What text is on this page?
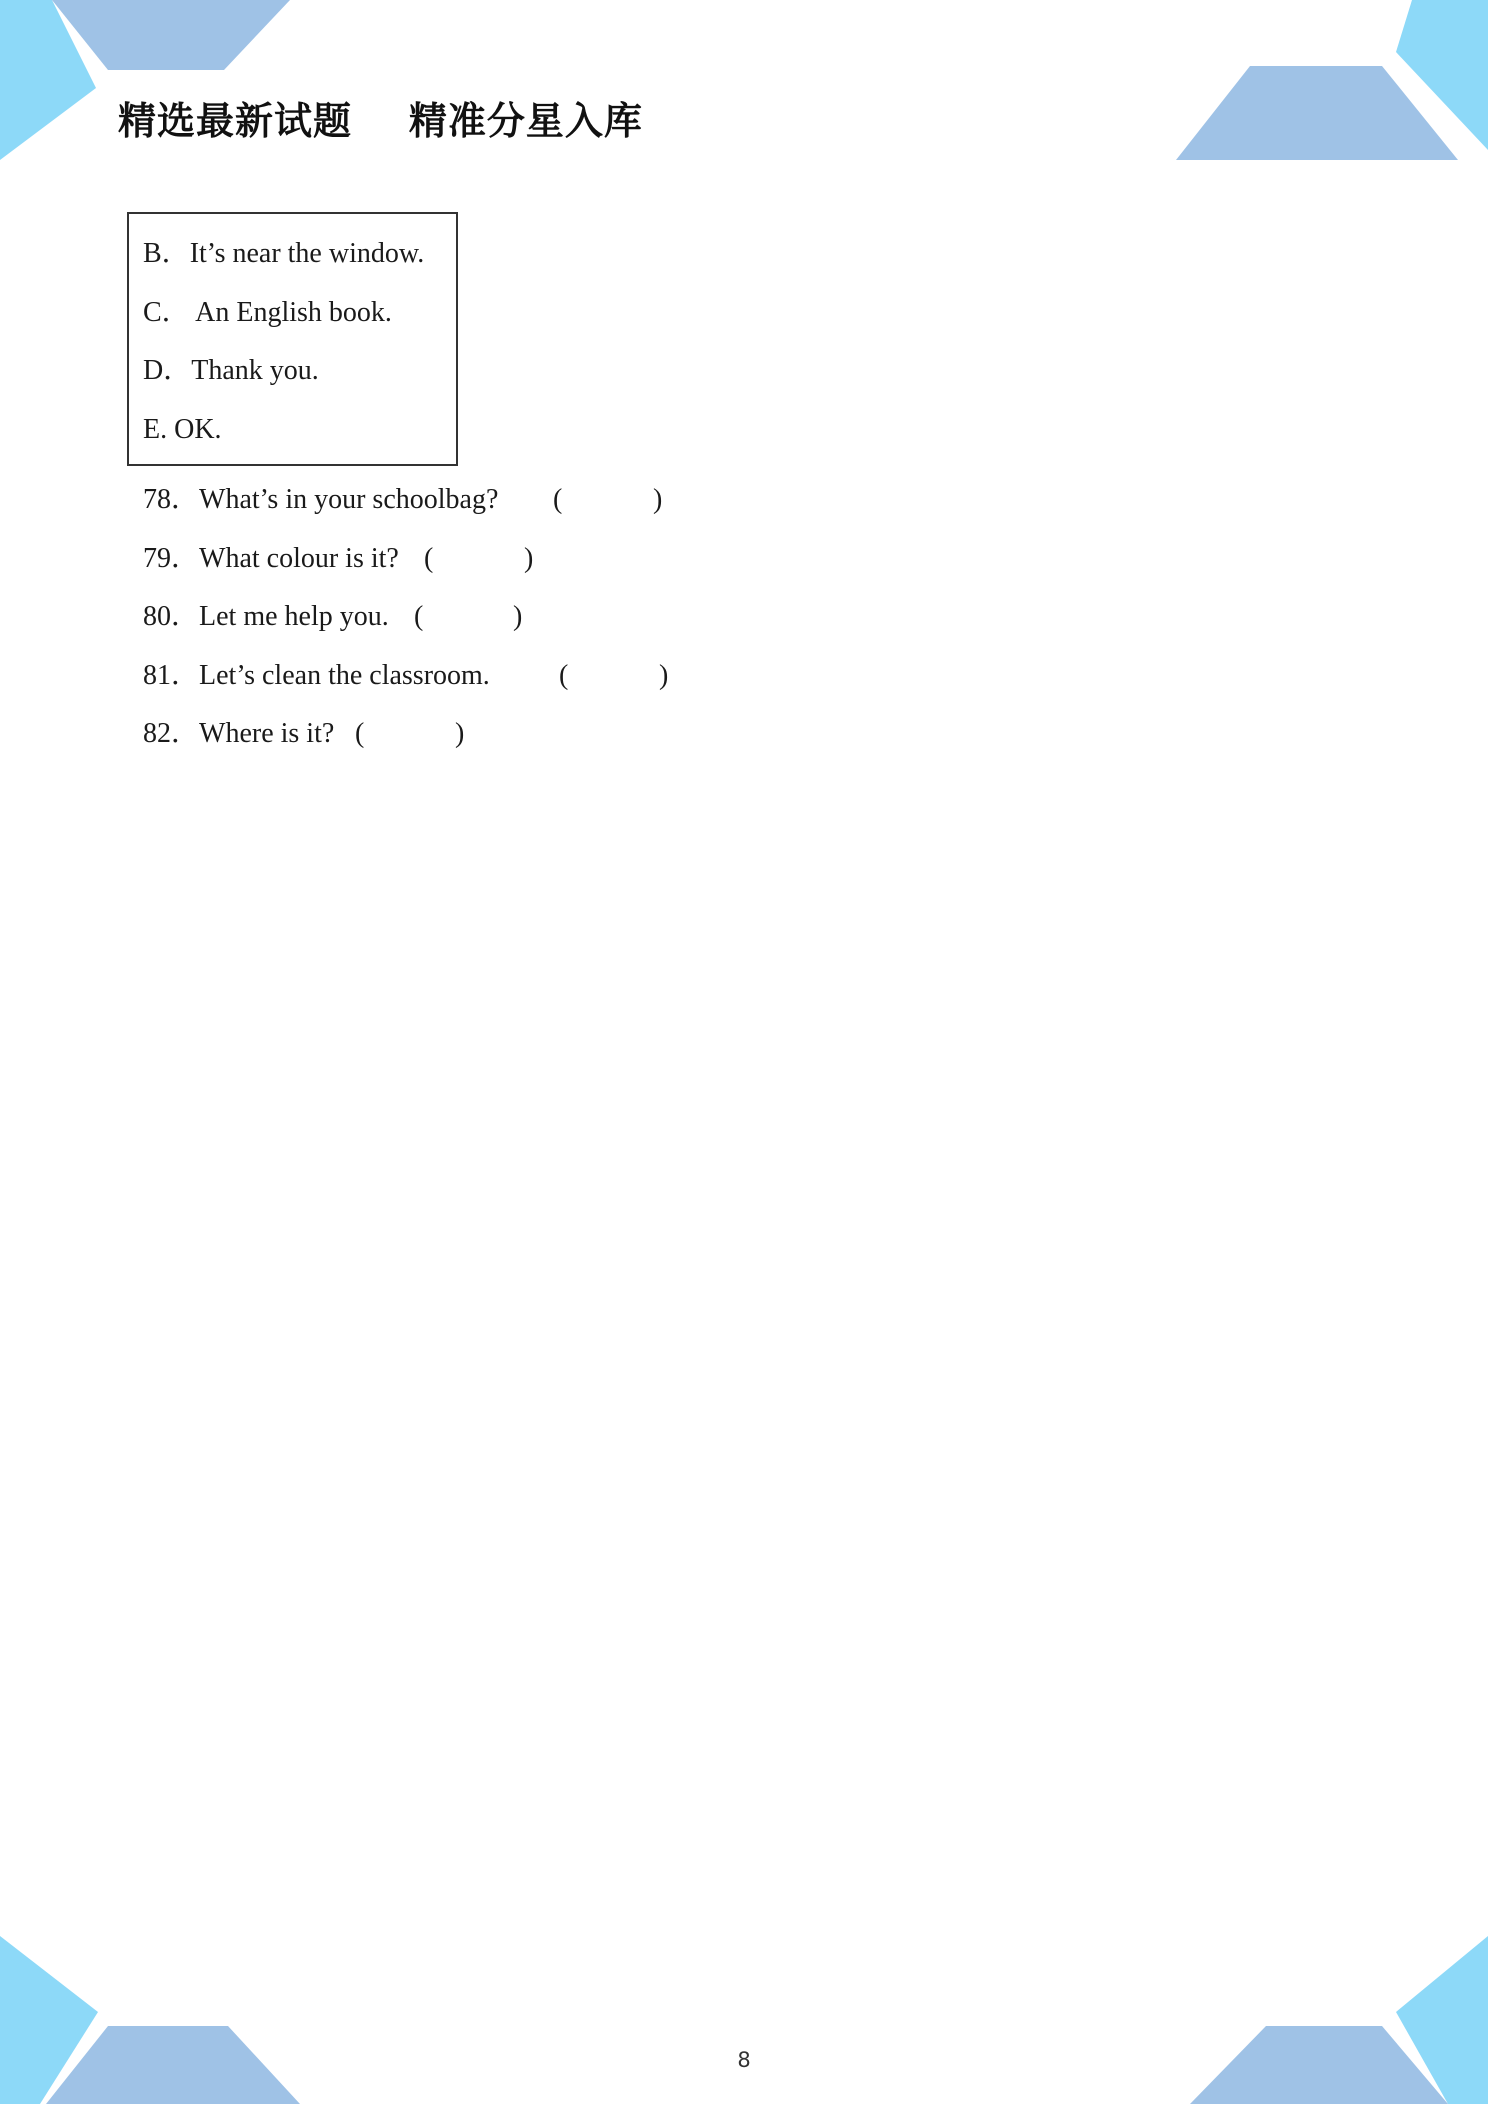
精选最新试题    精准分星入库
B．It’s near the window.
C． An English book.
D．Thank you.
E. OK.
78．What’s in your schoolbag? (	)
79．What colour is it? (	)
80．Let me help you. (	)
81．Let’s clean the classroom. (	)
82．Where is it? (	)
8
